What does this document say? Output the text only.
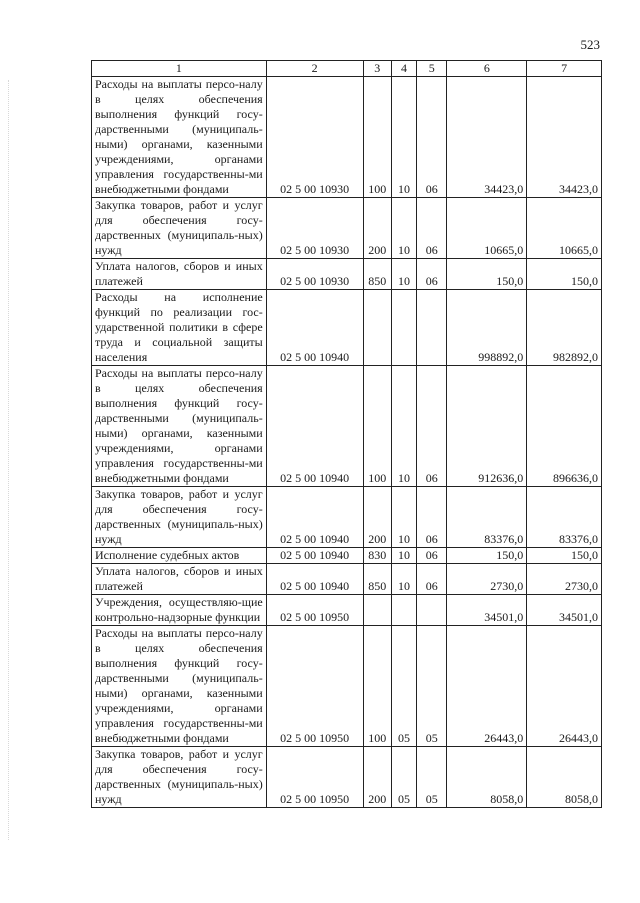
523
1	2	3	4	5	6	7
Расходы на выплаты персо-налу в целях обеспечения выполнения функций госу-дарственными (муниципаль-ными) органами, казенными учреждениями, органами управления государственны-ми внебюджетными фондами	02 5 00 10930	100	10	06	34423,0	34423,0
Закупка товаров, работ и услуг для обеспечения госу-дарственных (муниципаль-ных) нужд	02 5 00 10930	200	10	06	10665,0	10665,0
Уплата налогов, сборов и иных платежей	02 5 00 10930	850	10	06	150,0	150,0
Расходы на исполнение функций по реализации гос-ударственной политики в сфере труда и социальной защиты населения	02 5 00 10940				998892,0	982892,0
Расходы на выплаты персо-налу в целях обеспечения выполнения функций госу-дарственными (муниципаль-ными) органами, казенными учреждениями, органами управления государственны-ми внебюджетными фондами	02 5 00 10940	100	10	06	912636,0	896636,0
Закупка товаров, работ и услуг для обеспечения госу-дарственных (муниципаль-ных) нужд	02 5 00 10940	200	10	06	83376,0	83376,0
Исполнение судебных актов	02 5 00 10940	830	10	06	150,0	150,0
Уплата налогов, сборов и иных платежей	02 5 00 10940	850	10	06	2730,0	2730,0
Учреждения, осуществляю-щие контрольно-надзорные функции	02 5 00 10950				34501,0	34501,0
Расходы на выплаты персо-налу в целях обеспечения выполнения функций госу-дарственными (муниципаль-ными) органами, казенными учреждениями, органами управления государственны-ми внебюджетными фондами	02 5 00 10950	100	05	05	26443,0	26443,0
Закупка товаров, работ и услуг для обеспечения госу-дарственных (муниципаль-ных) нужд	02 5 00 10950	200	05	05	8058,0	8058,0
